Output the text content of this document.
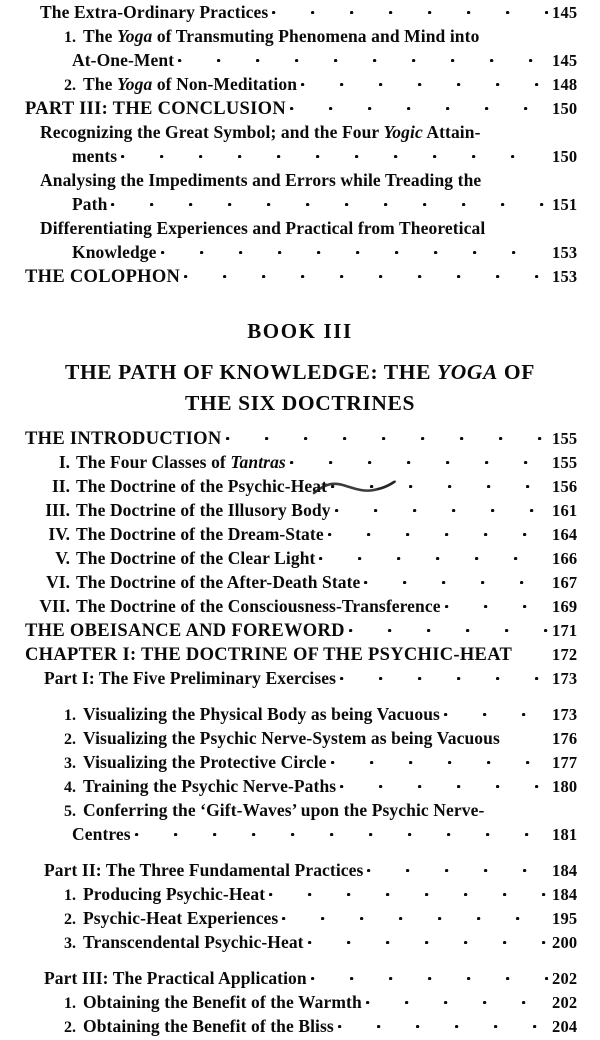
The Extra-Ordinary Practices	145
1. The Yoga of Transmuting Phenomena and Mind into
At-One-Ment	145
2. The Yoga of Non-Meditation	148
PART III: THE CONCLUSION	150
Recognizing the Great Symbol; and the Four Yogic Attain-
ments	150
Analysing the Impediments and Errors while Treading the
Path	151
Differentiating Experiences and Practical from Theoretical
Knowledge	153
THE COLOPHON	153
BOOK III
THE PATH OF KNOWLEDGE: THE YOGA OF
THE SIX DOCTRINES
THE INTRODUCTION	155
I. The Four Classes of Tantras	155
II. The Doctrine of the Psychic-Heat	156
III. The Doctrine of the Illusory Body	161
IV. The Doctrine of the Dream-State	164
V. The Doctrine of the Clear Light	166
VI. The Doctrine of the After-Death State	167
VII. The Doctrine of the Consciousness-Transference	169
THE OBEISANCE AND FOREWORD	171
CHAPTER I: THE DOCTRINE OF THE PSYCHIC-HEAT 172
Part I: The Five Preliminary Exercises	173
1. Visualizing the Physical Body as being Vacuous	173
2. Visualizing the Psychic Nerve-System as being Vacuous	176
3. Visualizing the Protective Circle	177
4. Training the Psychic Nerve-Paths	180
5. Conferring the ‘Gift-Waves’ upon the Psychic Nerve-
Centres	181
Part II: The Three Fundamental Practices	184
1. Producing Psychic-Heat	184
2. Psychic-Heat Experiences	195
3. Transcendental Psychic-Heat	200
Part III: The Practical Application	202
1. Obtaining the Benefit of the Warmth	202
2. Obtaining the Benefit of the Bliss	204
